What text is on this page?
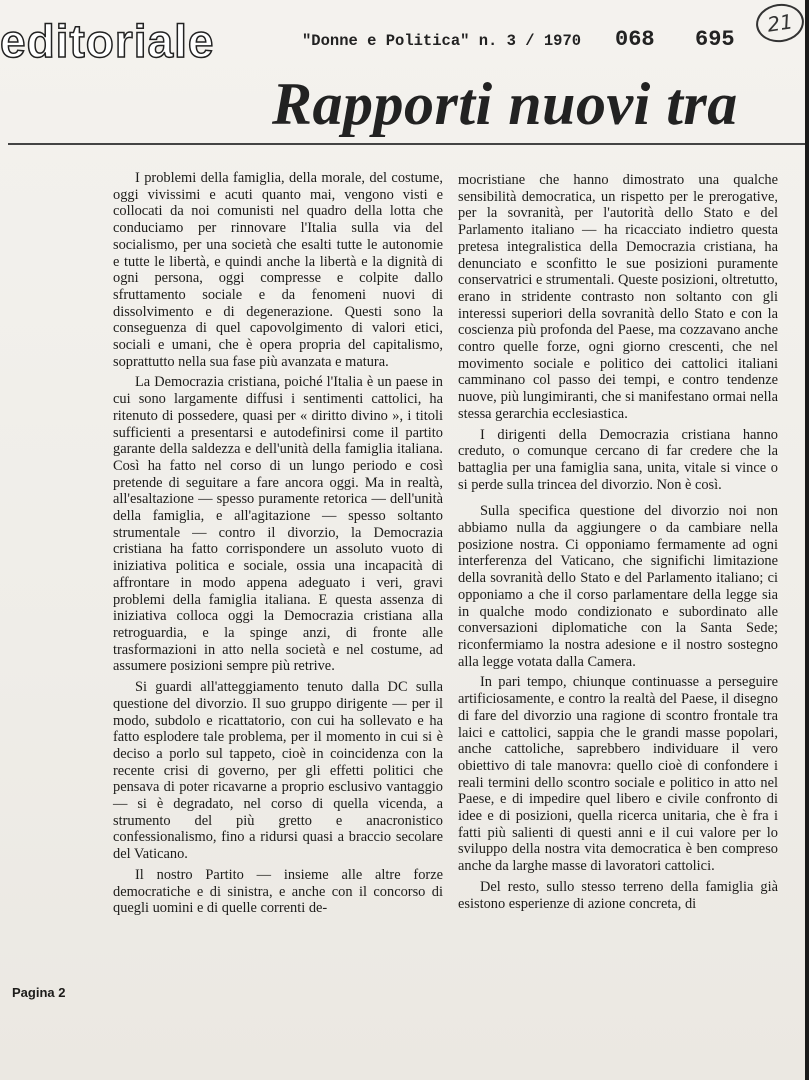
editoriale	"Donne e Politica" n. 3 / 1970 068 695
21
Rapporti nuovi tra

I problemi della famiglia, della morale, del costume, oggi vivissimi e acuti quanto mai, vengono visti e collocati da noi comunisti nel quadro della lotta che conduciamo per rinnovare l'Italia sulla via del socialismo, per una società che esalti tutte le autonomie e tutte le libertà, e quindi anche la libertà e la dignità di ogni persona, oggi compresse e colpite dallo sfruttamento sociale e da fenomeni nuovi di dissolvimento e di degenerazione. Questi sono la conseguenza di quel capovolgimento di valori etici, sociali e umani, che è opera propria del capitalismo, soprattutto nella sua fase più avanzata e matura.

La Democrazia cristiana, poiché l'Italia è un paese in cui sono largamente diffusi i sentimenti cattolici, ha ritenuto di possedere, quasi per « diritto divino », i titoli sufficienti a presentarsi e autodefinirsi come il partito garante della saldezza e dell'unità della famiglia italiana. Così ha fatto nel corso di un lungo periodo e così pretende di seguitare a fare ancora oggi. Ma in realtà, all'esaltazione — spesso puramente retorica — dell'unità della famiglia, e all'agitazione — spesso soltanto strumentale — contro il divorzio, la Democrazia cristiana ha fatto corrispondere un assoluto vuoto di iniziativa politica e sociale, ossia una incapacità di affrontare in modo appena adeguato i veri, gravi problemi della famiglia italiana. E questa assenza di iniziativa colloca oggi la Democrazia cristiana alla retroguardia, e la spinge anzi, di fronte alle trasformazioni in atto nella società e nel costume, ad assumere posizioni sempre più retrive.

Si guardi all'atteggiamento tenuto dalla DC sulla questione del divorzio. Il suo gruppo dirigente — per il modo, subdolo e ricattatorio, con cui ha sollevato e ha fatto esplodere tale problema, per il momento in cui si è deciso a porlo sul tappeto, cioè in coincidenza con la recente crisi di governo, per gli effetti politici che pensava di poter ricavarne a proprio esclusivo vantaggio — si è degradato, nel corso di quella vicenda, a strumento del più gretto e anacronistico confessionalismo, fino a ridursi quasi a braccio secolare del Vaticano.

Il nostro Partito — insieme alle altre forze democratiche e di sinistra, e anche con il concorso di quegli uomini e di quelle correnti de-

mocristiane che hanno dimostrato una qualche sensibilità democratica, un rispetto per le prerogative, per la sovranità, per l'autorità dello Stato e del Parlamento italiano — ha ricacciato indietro questa pretesa integralistica della Democrazia cristiana, ha denunciato e sconfitto le sue posizioni puramente conservatrici e strumentali. Queste posizioni, oltretutto, erano in stridente contrasto non soltanto con gli interessi superiori della sovranità dello Stato e con la coscienza più profonda del Paese, ma cozzavano anche contro quelle forze, ogni giorno crescenti, che nel movimento sociale e politico dei cattolici italiani camminano col passo dei tempi, e contro tendenze nuove, più lungimiranti, che si manifestano ormai nella stessa gerarchia ecclesiastica.

I dirigenti della Democrazia cristiana hanno creduto, o comunque cercano di far credere che la battaglia per una famiglia sana, unita, vitale si vince o si perde sulla trincea del divorzio. Non è così.

Sulla specifica questione del divorzio noi non abbiamo nulla da aggiungere o da cambiare nella posizione nostra. Ci opponiamo fermamente ad ogni interferenza del Vaticano, che significhi limitazione della sovranità dello Stato e del Parlamento italiano; ci opponiamo a che il corso parlamentare della legge sia in qualche modo condizionato e subordinato alle conversazioni diplomatiche con la Santa Sede; riconfermiamo la nostra adesione e il nostro sostegno alla legge votata dalla Camera.

In pari tempo, chiunque continuasse a perseguire artificiosamente, e contro la realtà del Paese, il disegno di fare del divorzio una ragione di scontro frontale tra laici e cattolici, sappia che le grandi masse popolari, anche cattoliche, saprebbero individuare il vero obiettivo di tale manovra: quello cioè di confondere i reali termini dello scontro sociale e politico in atto nel Paese, e di impedire quel libero e civile confronto di idee e di posizioni, quella ricerca unitaria, che è fra i fatti più salienti di questi anni e il cui valore per lo sviluppo della nostra vita democratica è ben compreso anche da larghe masse di lavoratori cattolici.

Del resto, sullo stesso terreno della famiglia già esistono esperienze di azione concreta, di

Pagina 2
